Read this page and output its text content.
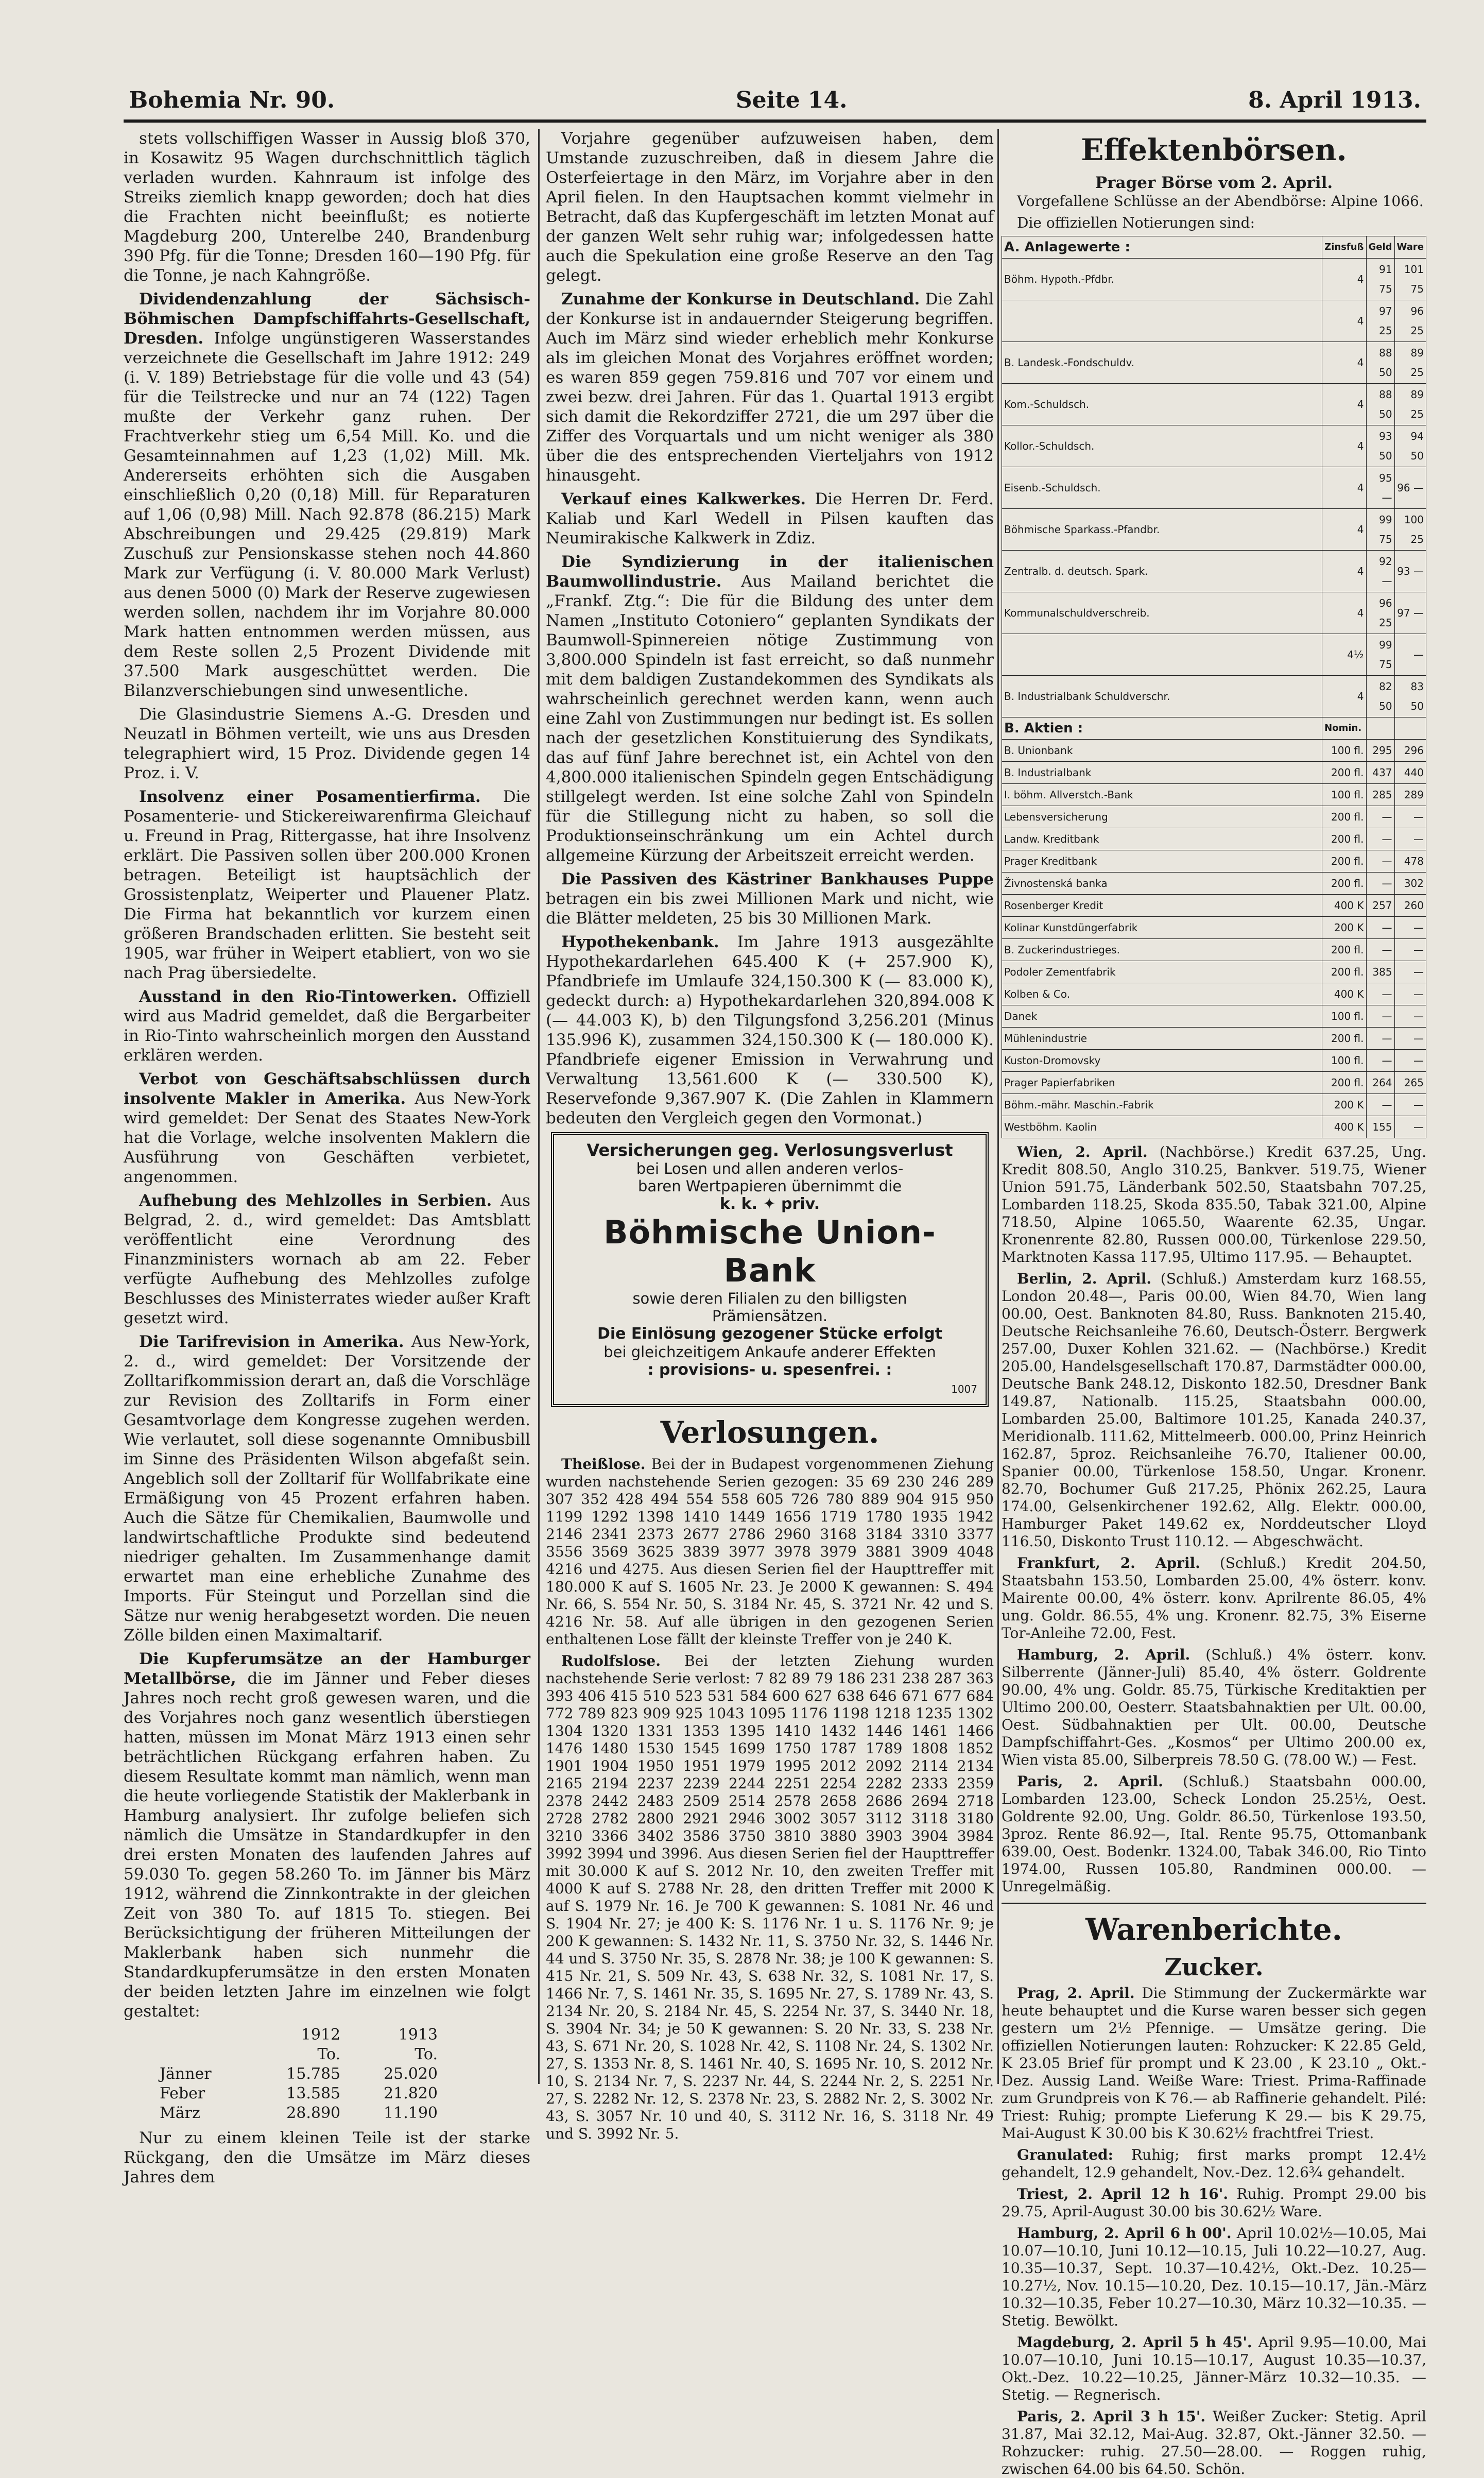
Bohemia Nr. 90.	Seite 14.	8. April 1913.

stets vollschiffigen Wasser in Aussig bloß 370, in Kosawitz 95 Wagen durchschnittlich täglich verladen wurden. Kahnraum ist infolge des Streiks ziemlich knapp geworden; doch hat dies die Frachten nicht beeinflußt; es notierte Magdeburg 200, Unterelbe 240, Brandenburg 390 Pfg. für die Tonne; Dresden 160—190 Pfg. für die Tonne, je nach Kahngröße.

Dividendenzahlung der Sächsisch-Böhmischen Dampfschiffahrts-Gesellschaft, Dresden. Infolge ungünstigeren Wasserstandes verzeichnete die Gesellschaft im Jahre 1912: 249 (i. V. 189) Betriebstage für die volle und 43 (54) für die Teilstrecke und nur an 74 (122) Tagen mußte der Verkehr ganz ruhen. Der Frachtverkehr stieg um 6,54 Mill. Ko. und die Gesamteinnahmen auf 1,23 (1,02) Mill. Mk. Andererseits erhöhten sich die Ausgaben einschließlich 0,20 (0,18) Mill. für Reparaturen auf 1,06 (0,98) Mill. Nach 92.878 (86.215) Mark Abschreibungen und 29.425 (29.819) Mark Zuschuß zur Pensionskasse stehen noch 44.860 Mark zur Verfügung (i. V. 80.000 Mark Verlust) aus denen 5000 (0) Mark der Reserve zugewiesen werden sollen, nachdem ihr im Vorjahre 80.000 Mark hatten entnommen werden müssen, aus dem Reste sollen 2,5 Prozent Dividende mit 37.500 Mark ausgeschüttet werden. Die Bilanzverschiebungen sind unwesentliche.

Die Glasindustrie Siemens A.-G. Dresden und Neuzatl in Böhmen verteilt, wie uns aus Dresden telegraphiert wird, 15 Proz. Dividende gegen 14 Proz. i. V.

Insolvenz einer Posamentierfirma. Die Posamenterie- und Stickereiwarenfirma Gleichauf u. Freund in Prag, Rittergasse, hat ihre Insolvenz erklärt. Die Passiven sollen über 200.000 Kronen betragen. Beteiligt ist hauptsächlich der Grossistenplatz, Weiperter und Plauener Platz. Die Firma hat bekanntlich vor kurzem einen größeren Brandschaden erlitten. Sie besteht seit 1905, war früher in Weipert etabliert, von wo sie nach Prag übersiedelte.

Ausstand in den Rio-Tintowerken. Offiziell wird aus Madrid gemeldet, daß die Bergarbeiter in Rio-Tinto wahrscheinlich morgen den Ausstand erklären werden.

Verbot von Geschäftsabschlüssen durch insolvente Makler in Amerika. Aus New-York wird gemeldet: Der Senat des Staates New-York hat die Vorlage, welche insolventen Maklern die Ausführung von Geschäften verbietet, angenommen.

Aufhebung des Mehlzolles in Serbien. Aus Belgrad, 2. d., wird gemeldet: Das Amtsblatt veröffentlicht eine Verordnung des Finanzministers wornach ab am 22. Feber verfügte Aufhebung des Mehlzolles zufolge Beschlusses des Ministerrates wieder außer Kraft gesetzt wird.

Die Tarifrevision in Amerika. Aus New-York, 2. d., wird gemeldet: Der Vorsitzende der Zolltarifkommission derart an, daß die Vorschläge zur Revision des Zolltarifs in Form einer Gesamtvorlage dem Kongresse zugehen werden. Wie verlautet, soll diese sogenannte Omnibusbill im Sinne des Präsidenten Wilson abgefaßt sein. Angeblich soll der Zolltarif für Wollfabrikate eine Ermäßigung von 45 Prozent erfahren haben. Auch die Sätze für Chemikalien, Baumwolle und landwirtschaftliche Produkte sind bedeutend niedriger gehalten. Im Zusammenhange damit erwartet man eine erhebliche Zunahme des Imports. Für Steingut und Porzellan sind die Sätze nur wenig herabgesetzt worden. Die neuen Zölle bilden einen Maximaltarif.

Die Kupferumsätze an der Hamburger Metallbörse, die im Jänner und Feber dieses Jahres noch recht groß gewesen waren, und die des Vorjahres noch ganz wesentlich überstiegen hatten, müssen im Monat März 1913 einen sehr beträchtlichen Rückgang erfahren haben. Zu diesem Resultate kommt man nämlich, wenn man die heute vorliegende Statistik der Maklerbank in Hamburg analysiert. Ihr zufolge beliefen sich nämlich die Umsätze in Standardkupfer in den drei ersten Monaten des laufenden Jahres auf 59.030 To. gegen 58.260 To. im Jänner bis März 1912, während die Zinnkontrakte in der gleichen Zeit von 380 To. auf 1815 To. stiegen. Bei Berücksichtigung der früheren Mitteilungen der Maklerbank haben sich nunmehr die Standardkupferumsätze in den ersten Monaten der beiden letzten Jahre im einzelnen wie folgt gestaltet:

	1912	1913
	To.	To.
Jänner	15.785	25.020
Feber	13.585	21.820
März	28.890	11.190

Nur zu einem kleinen Teile ist der starke Rückgang, den die Umsätze im März dieses Jahres dem

Vorjahre gegenüber aufzuweisen haben, dem Umstande zuzuschreiben, daß in diesem Jahre die Osterfeiertage in den März, im Vorjahre aber in den April fielen. In den Hauptsachen kommt vielmehr in Betracht, daß das Kupfergeschäft im letzten Monat auf der ganzen Welt sehr ruhig war; infolgedessen hatte auch die Spekulation eine große Reserve an den Tag gelegt.

Zunahme der Konkurse in Deutschland. Die Zahl der Konkurse ist in andauernder Steigerung begriffen. Auch im März sind wieder erheblich mehr Konkurse als im gleichen Monat des Vorjahres eröffnet worden; es waren 859 gegen 759.816 und 707 vor einem und zwei bezw. drei Jahren. Für das 1. Quartal 1913 ergibt sich damit die Rekordziffer 2721, die um 297 über die Ziffer des Vorquartals und um nicht weniger als 380 über die des entsprechenden Vierteljahrs von 1912 hinausgeht.

Verkauf eines Kalkwerkes. Die Herren Dr. Ferd. Kaliab und Karl Wedell in Pilsen kauften das Neumirakische Kalkwerk in Zdiz.

Die Syndizierung in der italienischen Baumwollindustrie. Aus Mailand berichtet die „Frankf. Ztg.“: Die für die Bildung des unter dem Namen „Instituto Cotoniero“ geplanten Syndikats der Baumwoll-Spinnereien nötige Zustimmung von 3,800.000 Spindeln ist fast erreicht, so daß nunmehr mit dem baldigen Zustandekommen des Syndikats als wahrscheinlich gerechnet werden kann, wenn auch eine Zahl von Zustimmungen nur bedingt ist. Es sollen nach der gesetzlichen Konstituierung des Syndikats, das auf fünf Jahre berechnet ist, ein Achtel von den 4,800.000 italienischen Spindeln gegen Entschädigung stillgelegt werden. Ist eine solche Zahl von Spindeln für die Stillegung nicht zu haben, so soll die Produktionseinschränkung um ein Achtel durch allgemeine Kürzung der Arbeitszeit erreicht werden.

Die Passiven des Kästriner Bankhauses Puppe betragen ein bis zwei Millionen Mark und nicht, wie die Blätter meldeten, 25 bis 30 Millionen Mark.

Hypothekenbank. Im Jahre 1913 ausgezählte Hypothekardarlehen 645.400 K (+ 257.900 K), Pfandbriefe im Umlaufe 324,150.300 K (— 83.000 K), gedeckt durch: a) Hypothekardarlehen 320,894.008 K (— 44.003 K), b) den Tilgungsfond 3,256.201 (Minus 135.996 K), zusammen 324,150.300 K (— 180.000 K). Pfandbriefe eigener Emission in Verwahrung und Verwaltung 13,561.600 K (— 330.500 K), Reservefonde 9,367.907 K. (Die Zahlen in Klammern bedeuten den Vergleich gegen den Vormonat.)

Versicherungen geg. Verlosungsverlust
bei Losen und allen anderen verlos-
baren Wertpapieren übernimmt die
k. k. ✦ priv.
Böhmische Union-Bank
sowie deren Filialen zu den billigsten
Prämiensätzen.
Die Einlösung gezogener Stücke erfolgt
bei gleichzeitigem Ankaufe anderer Effekten
: provisions- u. spesenfrei. :
1007
Verlosungen.

Theißlose. Bei der in Budapest vorgenommenen Ziehung wurden nachstehende Serien gezogen: 35 69 230 246 289 307 352 428 494 554 558 605 726 780 889 904 915 950 1199 1292 1398 1410 1449 1656 1719 1780 1935 1942 2146 2341 2373 2677 2786 2960 3168 3184 3310 3377 3556 3569 3625 3839 3977 3978 3979 3881 3909 4048 4216 und 4275. Aus diesen Serien fiel der Haupttreffer mit 180.000 K auf S. 1605 Nr. 23. Je 2000 K gewannen: S. 494 Nr. 66, S. 554 Nr. 50, S. 3184 Nr. 45, S. 3721 Nr. 42 und S. 4216 Nr. 58. Auf alle übrigen in den gezogenen Serien enthaltenen Lose fällt der kleinste Treffer von je 240 K.

Rudolfslose. Bei der letzten Ziehung wurden nachstehende Serie verlost: 7 82 89 79 186 231 238 287 363 393 406 415 510 523 531 584 600 627 638 646 671 677 684 772 789 823 909 925 1043 1095 1176 1198 1218 1235 1302 1304 1320 1331 1353 1395 1410 1432 1446 1461 1466 1476 1480 1530 1545 1699 1750 1787 1789 1808 1852 1901 1904 1950 1951 1979 1995 2012 2092 2114 2134 2165 2194 2237 2239 2244 2251 2254 2282 2333 2359 2378 2442 2483 2509 2514 2578 2658 2686 2694 2718 2728 2782 2800 2921 2946 3002 3057 3112 3118 3180 3210 3366 3402 3586 3750 3810 3880 3903 3904 3984 3992 3994 und 3996. Aus diesen Serien fiel der Haupttreffer mit 30.000 K auf S. 2012 Nr. 10, den zweiten Treffer mit 4000 K auf S. 2788 Nr. 28, den dritten Treffer mit 2000 K auf S. 1979 Nr. 16. Je 700 K gewannen: S. 1081 Nr. 46 und S. 1904 Nr. 27; je 400 K: S. 1176 Nr. 1 u. S. 1176 Nr. 9; je 200 K gewannen: S. 1432 Nr. 11, S. 3750 Nr. 32, S. 1446 Nr. 44 und S. 3750 Nr. 35, S. 2878 Nr. 38; je 100 K gewannen: S. 415 Nr. 21, S. 509 Nr. 43, S. 638 Nr. 32, S. 1081 Nr. 17, S. 1466 Nr. 7, S. 1461 Nr. 35, S. 1695 Nr. 27, S. 1789 Nr. 43, S. 2134 Nr. 20, S. 2184 Nr. 45, S. 2254 Nr. 37, S. 3440 Nr. 18, S. 3904 Nr. 34; je 50 K gewannen: S. 20 Nr. 33, S. 238 Nr. 43, S. 671 Nr. 20, S. 1028 Nr. 42, S. 1108 Nr. 24, S. 1302 Nr. 27, S. 1353 Nr. 8, S. 1461 Nr. 40, S. 1695 Nr. 10, S. 2012 Nr. 10, S. 2134 Nr. 7, S. 2237 Nr. 44, S. 2244 Nr. 2, S. 2251 Nr. 27, S. 2282 Nr. 12, S. 2378 Nr. 23, S. 2882 Nr. 2, S. 3002 Nr. 43, S. 3057 Nr. 10 und 40, S. 3112 Nr. 16, S. 3118 Nr. 49 und S. 3992 Nr. 5.

Effektenbörsen.
Prager Börse vom 2. April.

Vorgefallene Schlüsse an der Abendbörse: Alpine 1066.

Die offiziellen Notierungen sind:

A. Anlagewerte :	Zinsfuß	Geld	Ware
Böhm. Hypoth.-Pfdbr.	4	91 75	101 75
	4	97 25	96 25
B. Landesk.-Fondschuldv.	4	88 50	89 25
Kom.-Schuldsch.	4	88 50	89 25
Kollor.-Schuldsch.	4	93 50	94 50
Eisenb.-Schuldsch.	4	95 —	96 —
Böhmische Sparkass.-Pfandbr.	4	99 75	100 25
Zentralb. d. deutsch. Spark.	4	92 —	93 —
Kommunalschuldverschreib.	4	96 25	97 —
	4½	99 75	—
B. Industrialbank Schuldverschr.	4	82 50	83 50
B. Aktien :	Nomin.		
B. Unionbank	100 fl.	295	296
B. Industrialbank	200 fl.	437	440
I. böhm. Allverstch.-Bank	100 fl.	285	289
Lebensversicherung	200 fl.	—	—
Landw. Kreditbank	200 fl.	—	—
Prager Kreditbank	200 fl.	—	478
Živnostenská banka	200 fl.	—	302
Rosenberger Kredit	400 K	257	260
Kolinar Kunstdüngerfabrik	200 K	—	—
B. Zuckerindustrieges.	200 fl.	—	—
Podoler Zementfabrik	200 fl.	385	—
Kolben & Co.	400 K	—	—
Danek	100 fl.	—	—
Mühlenindustrie	200 fl.	—	—
Kuston-Dromovsky	100 fl.	—	—
Prager Papierfabriken	200 fl.	264	265
Böhm.-mähr. Maschin.-Fabrik	200 K	—	—
Westböhm. Kaolin	400 K	155	—

Wien, 2. April. (Nachbörse.) Kredit 637.25, Ung. Kredit 808.50, Anglo 310.25, Bankver. 519.75, Wiener Union 591.75, Länderbank 502.50, Staatsbahn 707.25, Lombarden 118.25, Skoda 835.50, Tabak 321.00, Alpine 718.50, Alpine 1065.50, Waarente 62.35, Ungar. Kronenrente 82.80, Russen 000.00, Türkenlose 229.50, Marktnoten Kassa 117.95, Ultimo 117.95. — Behauptet.

Berlin, 2. April. (Schluß.) Amsterdam kurz 168.55, London 20.48—, Paris 00.00, Wien 84.70, Wien lang 00.00, Oest. Banknoten 84.80, Russ. Banknoten 215.40, Deutsche Reichsanleihe 76.60, Deutsch-Österr. Bergwerk 257.00, Duxer Kohlen 321.62. — (Nachbörse.) Kredit 205.00, Handelsgesellschaft 170.87, Darmstädter 000.00, Deutsche Bank 248.12, Diskonto 182.50, Dresdner Bank 149.87, Nationalb. 115.25, Staatsbahn 000.00, Lombarden 25.00, Baltimore 101.25, Kanada 240.37, Meridionalb. 111.62, Mittelmeerb. 000.00, Prinz Heinrich 162.87, 5proz. Reichsanleihe 76.70, Italiener 00.00, Spanier 00.00, Türkenlose 158.50, Ungar. Kronenr. 82.70, Bochumer Guß 217.25, Phönix 262.25, Laura 174.00, Gelsenkirchener 192.62, Allg. Elektr. 000.00, Hamburger Paket 149.62 ex, Norddeutscher Lloyd 116.50, Diskonto Trust 110.12. — Abgeschwächt.

Frankfurt, 2. April. (Schluß.) Kredit 204.50, Staatsbahn 153.50, Lombarden 25.00, 4% österr. konv. Mairente 00.00, 4% österr. konv. Aprilrente 86.05, 4% ung. Goldr. 86.55, 4% ung. Kronenr. 82.75, 3% Eiserne Tor-Anleihe 72.00, Fest.

Hamburg, 2. April. (Schluß.) 4% österr. konv. Silberrente (Jänner-Juli) 85.40, 4% österr. Goldrente 90.00, 4% ung. Goldr. 85.75, Türkische Kreditaktien per Ultimo 200.00, Oesterr. Staatsbahnaktien per Ult. 00.00, Oest. Südbahnaktien per Ult. 00.00, Deutsche Dampfschiffahrt-Ges. „Kosmos“ per Ultimo 200.00 ex, Wien vista 85.00, Silberpreis 78.50 G. (78.00 W.) — Fest.

Paris, 2. April. (Schluß.) Staatsbahn 000.00, Lombarden 123.00, Scheck London 25.25½, Oest. Goldrente 92.00, Ung. Goldr. 86.50, Türkenlose 193.50, 3proz. Rente 86.92—, Ital. Rente 95.75, Ottomanbank 639.00, Oest. Bodenkr. 1324.00, Tabak 346.00, Rio Tinto 1974.00, Russen 105.80, Randminen 000.00. — Unregelmäßig.

Warenberichte.
Zucker.

Prag, 2. April. Die Stimmung der Zuckermärkte war heute behauptet und die Kurse waren besser sich gegen gestern um 2½ Pfennige. — Umsätze gering. Die offiziellen Notierungen lauten: Rohzucker: K 22.85 Geld, K 23.05 Brief für prompt und K 23.00 , K 23.10 „ Okt.-Dez. Aussig Land. Weiße Ware: Triest. Prima-Raffinade zum Grundpreis von K 76.— ab Raffinerie gehandelt. Pilé: Triest: Ruhig; prompte Lieferung K 29.— bis K 29.75, Mai-August K 30.00 bis K 30.62½ frachtfrei Triest.

Granulated: Ruhig; first marks prompt 12.4½ gehandelt, 12.9 gehandelt, Nov.-Dez. 12.6¾ gehandelt.

Triest, 2. April 12 h 16'. Ruhig. Prompt 29.00 bis 29.75, April-August 30.00 bis 30.62½ Ware.

Hamburg, 2. April 6 h 00'. April 10.02½—10.05, Mai 10.07—10.10, Juni 10.12—10.15, Juli 10.22—10.27, Aug. 10.35—10.37, Sept. 10.37—10.42½, Okt.-Dez. 10.25—10.27½, Nov. 10.15—10.20, Dez. 10.15—10.17, Jän.-März 10.32—10.35, Feber 10.27—10.30, März 10.32—10.35. — Stetig. Bewölkt.

Magdeburg, 2. April 5 h 45'. April 9.95—10.00, Mai 10.07—10.10, Juni 10.15—10.17, August 10.35—10.37, Okt.-Dez. 10.22—10.25, Jänner-März 10.32—10.35. — Stetig. — Regnerisch.

Paris, 2. April 3 h 15'. Weißer Zucker: Stetig. April 31.87, Mai 32.12, Mai-Aug. 32.87, Okt.-Jänner 32.50. — Rohzucker: ruhig. 27.50—28.00. — Roggen ruhig, zwischen 64.00 bis 64.50. Schön.
